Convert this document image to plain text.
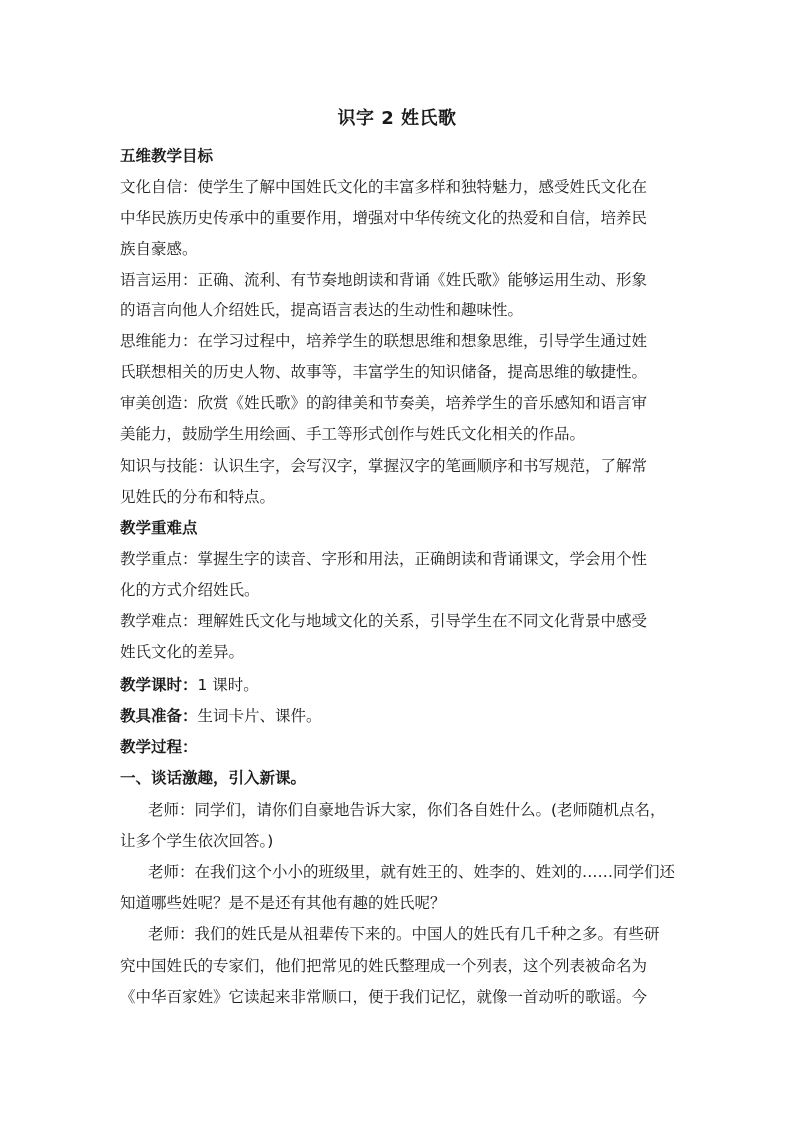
识字 2 姓氏歌
五维教学目标
文化自信：使学生了解中国姓氏文化的丰富多样和独特魅力，感受姓氏文化在
中华民族历史传承中的重要作用，增强对中华传统文化的热爱和自信，培养民
族自豪感。
语言运用：正确、流利、有节奏地朗读和背诵《姓氏歌》能够运用生动、形象
的语言向他人介绍姓氏，提高语言表达的生动性和趣味性。
思维能力：在学习过程中，培养学生的联想思维和想象思维，引导学生通过姓
氏联想相关的历史人物、故事等，丰富学生的知识储备，提高思维的敏捷性。
审美创造：欣赏《姓氏歌》的韵律美和节奏美，培养学生的音乐感知和语言审
美能力，鼓励学生用绘画、手工等形式创作与姓氏文化相关的作品。
知识与技能：认识生字，会写汉字，掌握汉字的笔画顺序和书写规范，了解常
见姓氏的分布和特点。
教学重难点
教学重点：掌握生字的读音、字形和用法，正确朗读和背诵课文，学会用个性
化的方式介绍姓氏。
教学难点：理解姓氏文化与地域文化的关系，引导学生在不同文化背景中感受
姓氏文化的差异。
教学课时：1 课时。
教具准备：生词卡片、课件。
教学过程：
一、谈话激趣，引入新课。
老师：同学们，请你们自豪地告诉大家，你们各自姓什么。(老师随机点名，
让多个学生依次回答。)
老师：在我们这个小小的班级里，就有姓王的、姓李的、姓刘的……同学们还
知道哪些姓呢？是不是还有其他有趣的姓氏呢？
老师：我们的姓氏是从祖辈传下来的。中国人的姓氏有几千种之多。有些研
究中国姓氏的专家们，他们把常见的姓氏整理成一个列表，这个列表被命名为
《中华百家姓》它读起来非常顺口，便于我们记忆，就像一首动听的歌谣。今
